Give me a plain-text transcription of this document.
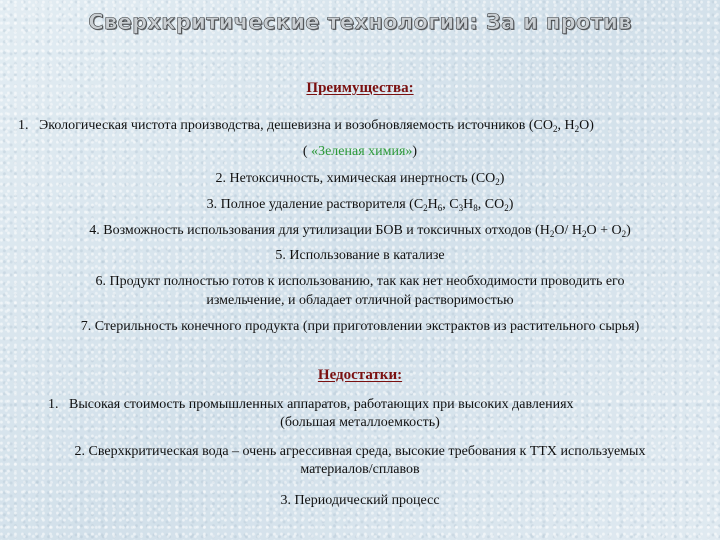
Сверхкритические технологии: За и против
Преимущества:
1. Экологическая чистота производства, дешевизна и возобновляемость источников ($CO_2$, $H_2O$)
( «Зеленая химия»)
2. Нетоксичность, химическая инертность $(CO_2)$
3. Полное удаление растворителя ($C_2H_6$, $C_3H_8$, $CO_2$)
4. Возможность использования для утилизации БОВ и токсичных отходов ($H_2O/$ $H_2O + O_2$)
5. Использование в катализе
6. Продукт полностью готов к использованию, так как нет необходимости проводить его
измельчение, и обладает отличной растворимостью
7. Стерильность конечного продукта (при приготовлении экстрактов из растительного сырья)
Недостатки:
1. Высокая стоимость промышленных аппаратов, работающих при высоких давлениях
(большая металлоемкость)
2. Сверхкритическая вода – очень агрессивная среда, высокие требования к ТТХ используемых
материалов/сплавов
3. Периодический процесс
